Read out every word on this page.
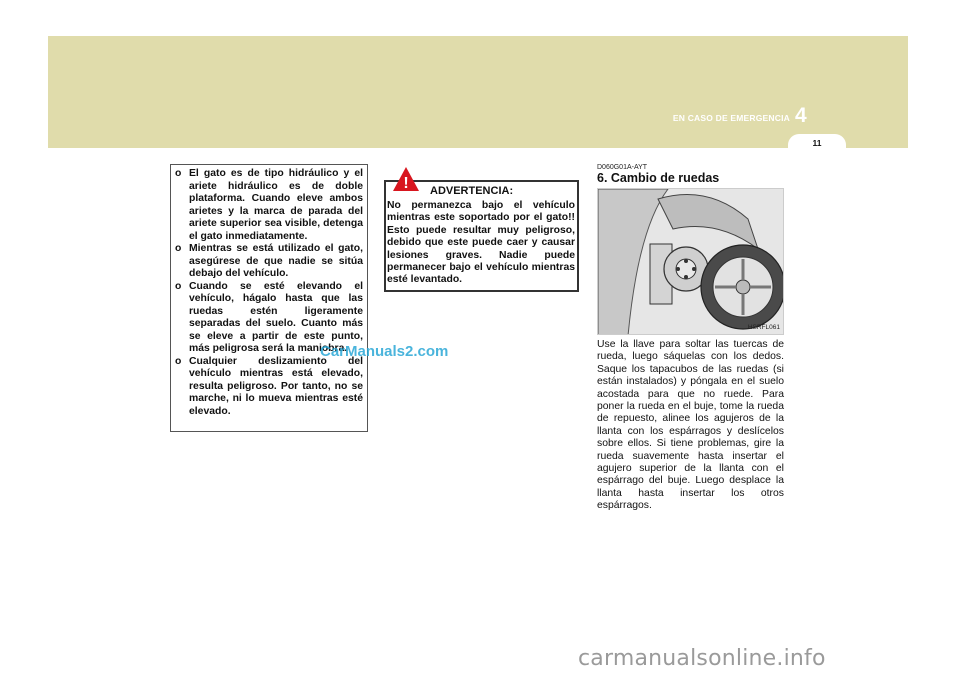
EN CASO DE EMERGENCIA 4
11
o El gato es de tipo hidráulico y el ariete hidráulico es de doble plataforma. Cuando eleve ambos arietes y la marca de parada del ariete superior sea visible, detenga el gato inmediatamente.
o Mientras se está utilizado el gato, asegúrese de que nadie se sitúa debajo del vehículo.
o Cuando se esté elevando el vehículo, hágalo hasta que las ruedas estén ligeramente separadas del suelo. Cuanto más se eleve a partir de este punto, más peligrosa será la maniobra.
o Cualquier deslizamiento del vehículo mientras está elevado, resulta peligroso. Por tanto, no se marche, ni lo mueva mientras esté elevado.
! ADVERTENCIA:
No permanezca bajo el vehículo mientras este soportado por el gato!! Esto puede resultar muy peligroso, debido que este puede caer y causar lesiones graves. Nadie puede permanecer bajo el vehículo mientras esté levantado.
CarManuals2.com
D060G01A-AYT
6. Cambio de ruedas
HSRFL061
Use la llave para soltar las tuercas de rueda, luego sáquelas con los dedos. Saque los tapacubos de las ruedas (si están instalados) y póngala en el suelo acostada para que no ruede. Para poner la rueda en el buje, tome la rueda de repuesto, alinee los agujeros de la llanta con los espárragos y deslícelos sobre ellos. Si tiene problemas, gire la rueda suavemente hasta insertar el agujero superior de la llanta con el espárrago del buje. Luego desplace la llanta hasta insertar los otros espárragos.
carmanualsonline.info
